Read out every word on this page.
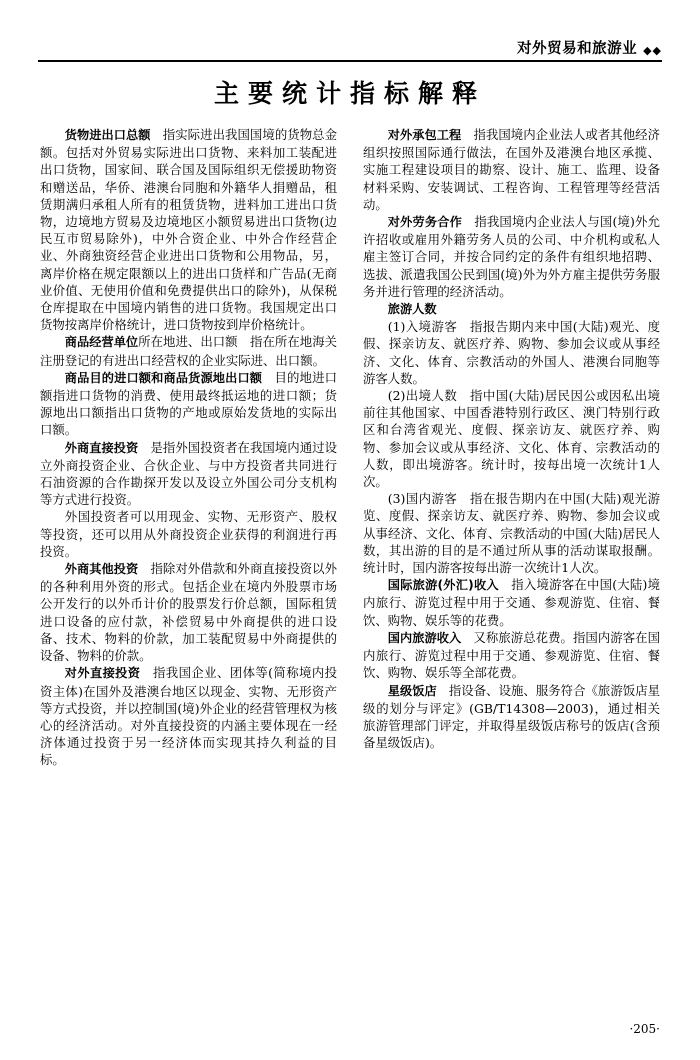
对外贸易和旅游业 ◆◆
主要统计指标解释

货物进出口总额 指实际进出我国国境的货物总金额。包括对外贸易实际进出口货物、来料加工装配进出口货物，国家间、联合国及国际组织无偿援助物资和赠送品，华侨、港澳台同胞和外籍华人捐赠品，租赁期满归承租人所有的租赁货物，进料加工进出口货物，边境地方贸易及边境地区小额贸易进出口货物(边民互市贸易除外)，中外合资企业、中外合作经营企业、外商独资经营企业进出口货物和公用物品，另，离岸价格在规定限额以上的进出口货样和广告品(无商业价值、无使用价值和免费提供出口的除外)，从保税仓库提取在中国境内销售的进口货物。我国规定出口货物按离岸价格统计，进口货物按到岸价格统计。

商品经营单位所在地进、出口额　指在所在地海关注册登记的有进出口经营权的企业实际进、出口额。

商品目的进口额和商品货源地出口额 目的地进口额指进口货物的消费、使用最终抵运地的进口额；货源地出口额指出口货物的产地或原始发货地的实际出口额。

外商直接投资 是指外国投资者在我国境内通过设立外商投资企业、合伙企业、与中方投资者共同进行石油资源的合作勘探开发以及设立外国公司分支机构等方式进行投资。

外国投资者可以用现金、实物、无形资产、股权等投资，还可以用从外商投资企业获得的利润进行再投资。

外商其他投资 指除对外借款和外商直接投资以外的各种利用外资的形式。包括企业在境内外股票市场公开发行的以外币计价的股票发行价总额，国际租赁进口设备的应付款，补偿贸易中外商提供的进口设备、技术、物料的价款，加工装配贸易中外商提供的设备、物料的价款。

对外直接投资 指我国企业、团体等(简称境内投资主体)在国外及港澳台地区以现金、实物、无形资产等方式投资，并以控制国(境)外企业的经营管理权为核心的经济活动。对外直接投资的内涵主要体现在一经济体通过投资于另一经济体而实现其持久利益的目标。

对外承包工程 指我国境内企业法人或者其他经济组织按照国际通行做法，在国外及港澳台地区承揽、实施工程建设项目的勘察、设计、施工、监理、设备材料采购、安装调试、工程咨询、工程管理等经营活动。

对外劳务合作 指我国境内企业法人与国(境)外允许招收或雇用外籍劳务人员的公司、中介机构或私人雇主签订合同，并按合同约定的条件有组织地招聘、选拔、派遣我国公民到国(境)外为外方雇主提供劳务服务并进行管理的经济活动。

旅游人数

(1)入境游客　指报告期内来中国(大陆)观光、度假、探亲访友、就医疗养、购物、参加会议或从事经济、文化、体育、宗教活动的外国人、港澳台同胞等游客人数。

(2)出境人数　指中国(大陆)居民因公或因私出境前往其他国家、中国香港特别行政区、澳门特别行政区和台湾省观光、度假、探亲访友、就医疗养、购物、参加会议或从事经济、文化、体育、宗教活动的人数，即出境游客。统计时，按每出境一次统计1人次。

(3)国内游客　指在报告期内在中国(大陆)观光游览、度假、探亲访友、就医疗养、购物、参加会议或从事经济、文化、体育、宗教活动的中国(大陆)居民人数，其出游的目的是不通过所从事的活动谋取报酬。统计时，国内游客按每出游一次统计1人次。

国际旅游(外汇)收入 指入境游客在中国(大陆)境内旅行、游览过程中用于交通、参观游览、住宿、餐饮、购物、娱乐等的花费。

国内旅游收入 又称旅游总花费。指国内游客在国内旅行、游览过程中用于交通、参观游览、住宿、餐饮、购物、娱乐等全部花费。

星级饭店 指设备、设施、服务符合《旅游饭店星级的划分与评定》(GB/T14308—2003)，通过相关旅游管理部门评定，并取得星级饭店称号的饭店(含预备星级饭店)。

·205·
